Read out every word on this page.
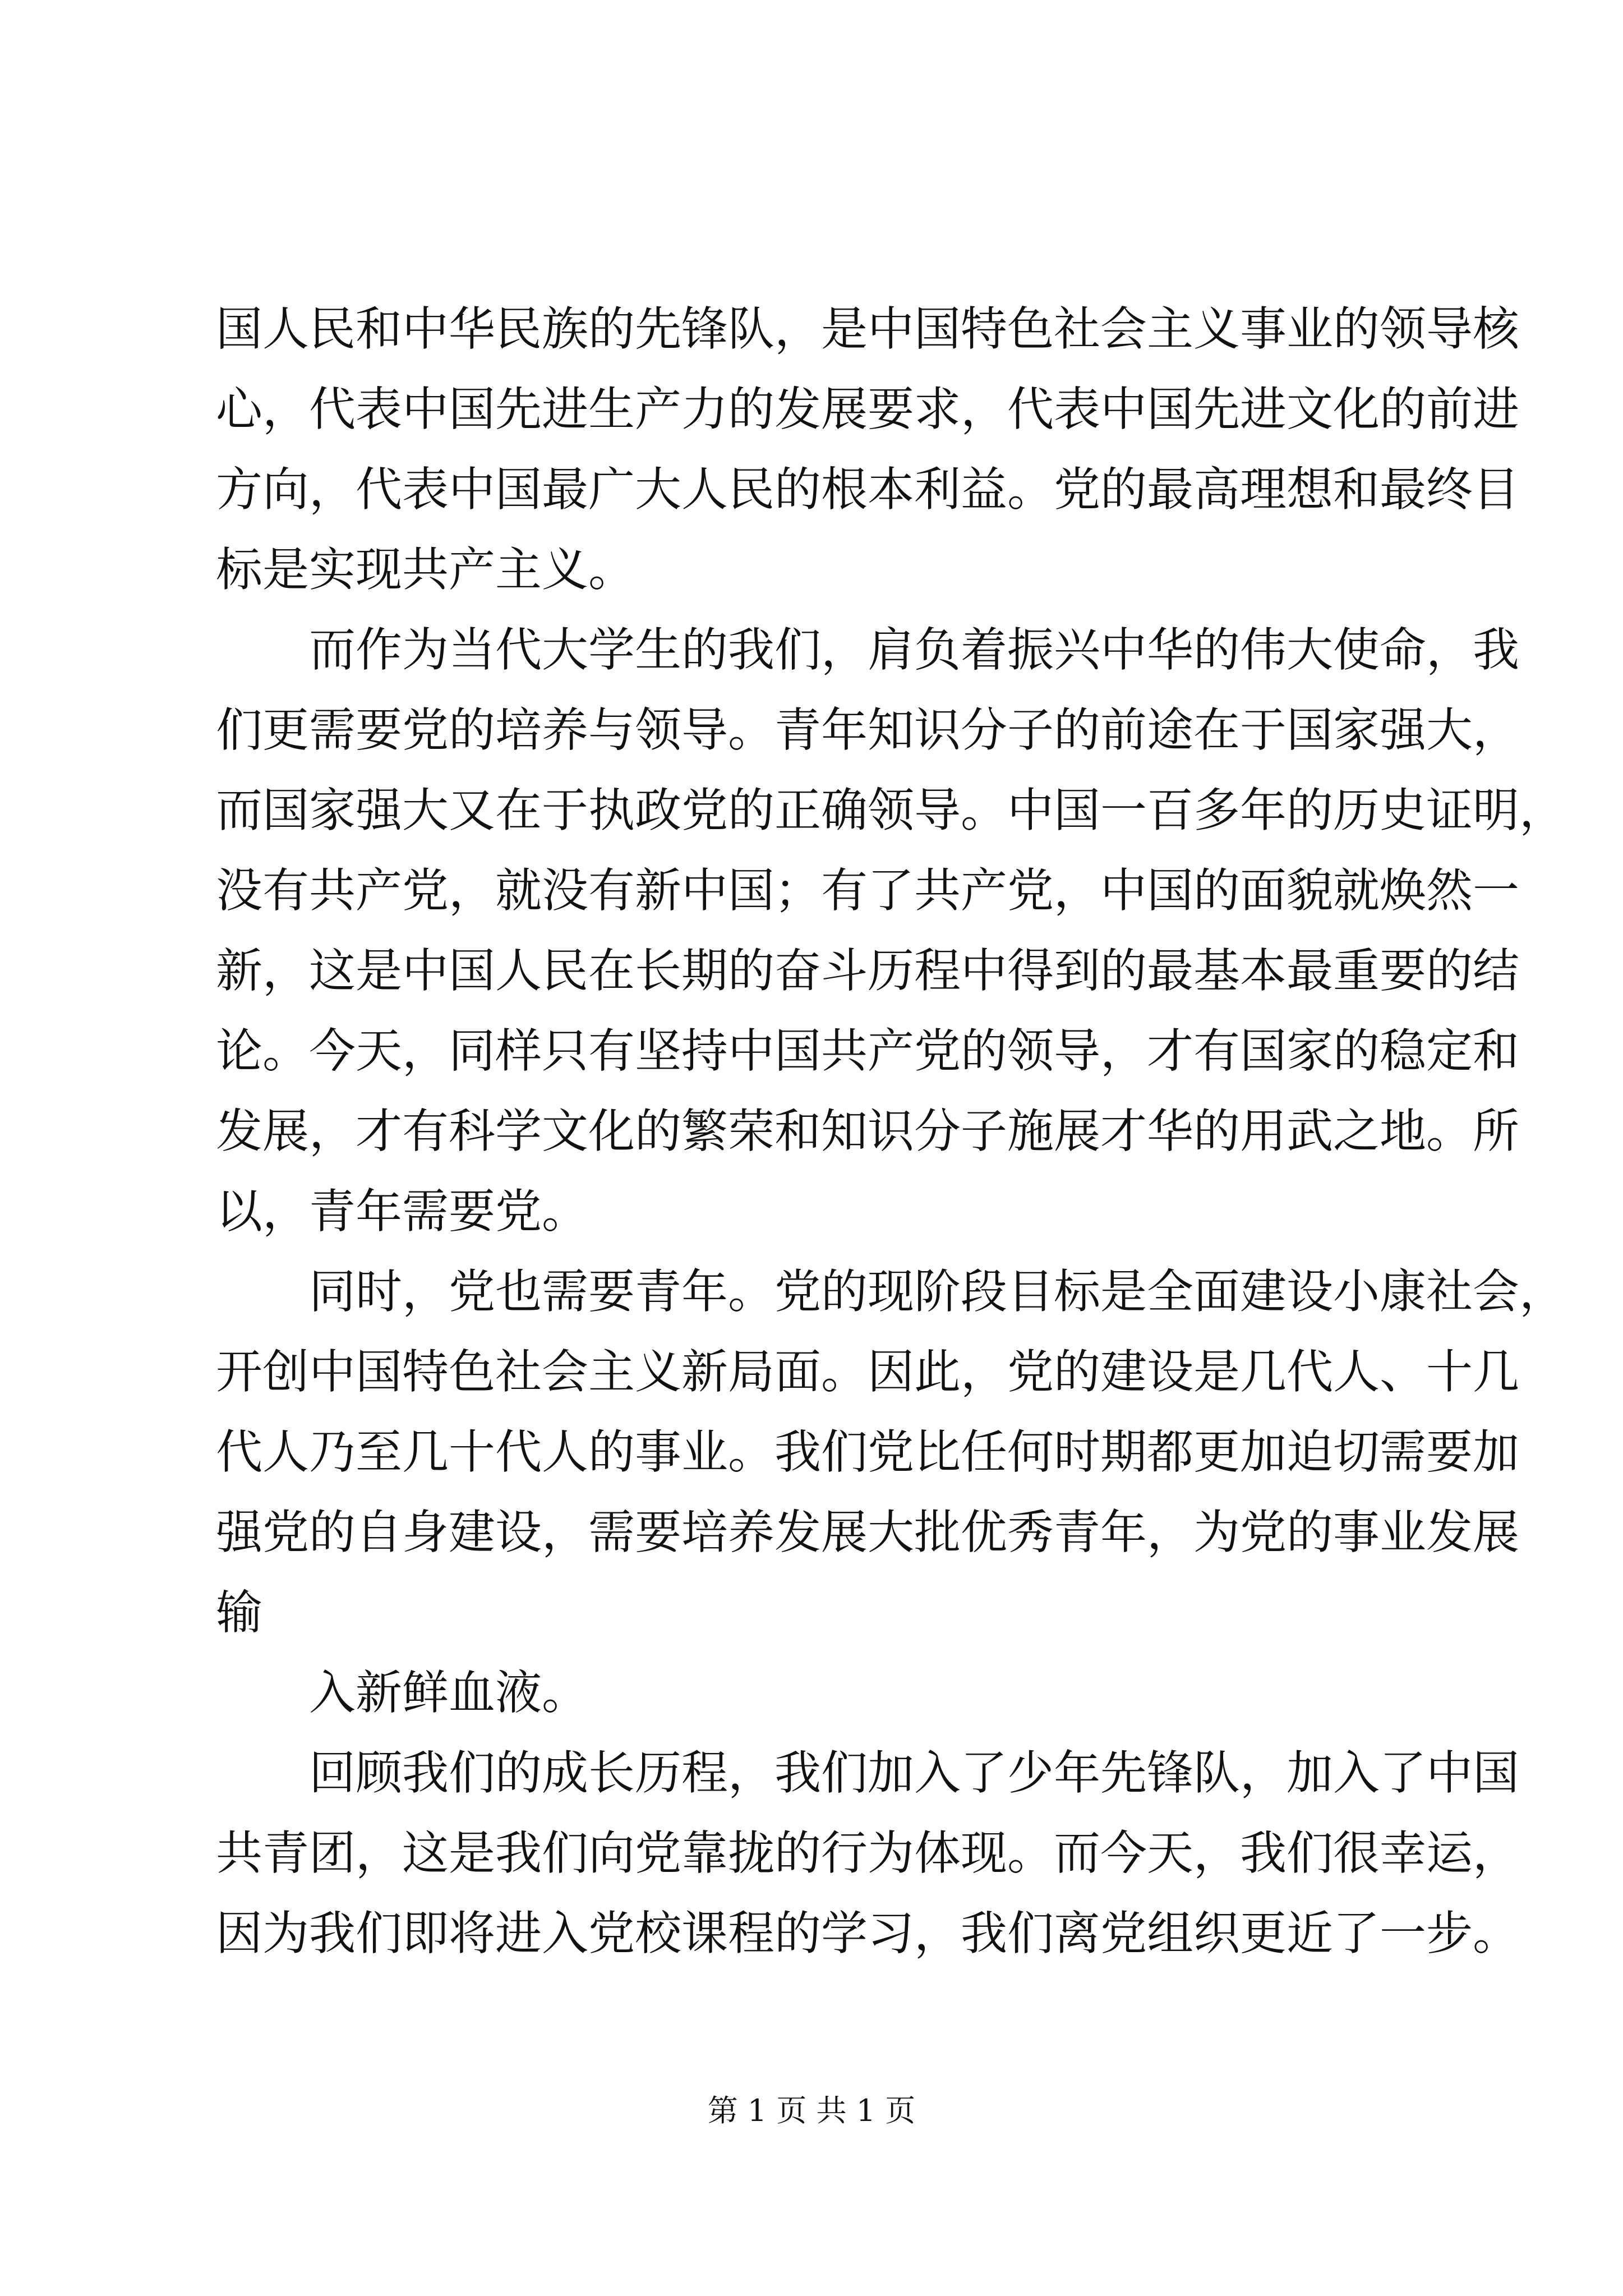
国人民和中华民族的先锋队，是中国特色社会主义事业的领导核
心，代表中国先进生产力的发展要求，代表中国先进文化的前进
方向，代表中国最广大人民的根本利益。党的最高理想和最终目
标是实现共产主义。
而作为当代大学生的我们，肩负着振兴中华的伟大使命，我
们更需要党的培养与领导。青年知识分子的前途在于国家强大，
而国家强大又在于执政党的正确领导。中国一百多年的历史证明，
没有共产党，就没有新中国；有了共产党，中国的面貌就焕然一
新，这是中国人民在长期的奋斗历程中得到的最基本最重要的结
论。今天，同样只有坚持中国共产党的领导，才有国家的稳定和
发展，才有科学文化的繁荣和知识分子施展才华的用武之地。所
以，青年需要党。
同时，党也需要青年。党的现阶段目标是全面建设小康社会，
开创中国特色社会主义新局面。因此，党的建设是几代人、十几
代人乃至几十代人的事业。我们党比任何时期都更加迫切需要加
强党的自身建设，需要培养发展大批优秀青年，为党的事业发展
输
入新鲜血液。
回顾我们的成长历程，我们加入了少年先锋队，加入了中国
共青团，这是我们向党靠拢的行为体现。而今天，我们很幸运，
因为我们即将进入党校课程的学习，我们离党组织更近了一步。
第 1 页 共 1 页
